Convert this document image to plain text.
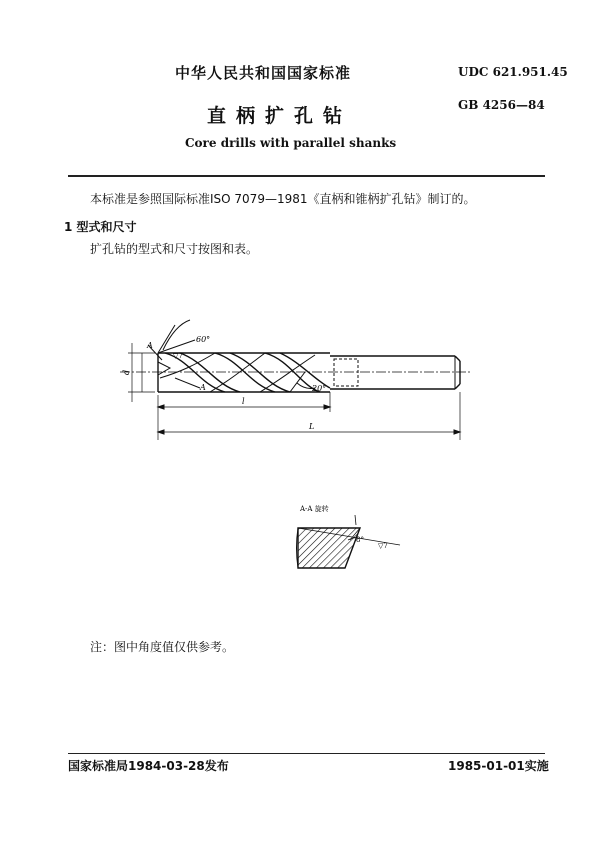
中华人民共和国国家标准	UDC 621.951.45
直柄扩孔钻	GB 4256—84
Core drills with parallel shanks
本标准是参照国际标准ISO 7079—1981《直柄和锥柄扩孔钻》制订的。
1 型式和尺寸
扩孔钻的型式和尺寸按图和表。
60°
20°
A
A
▽7
d
l
L
A-A 旋转
8°
▽7
注：图中角度值仅供参考。
国家标准局1984-03-28发布	1985-01-01实施
